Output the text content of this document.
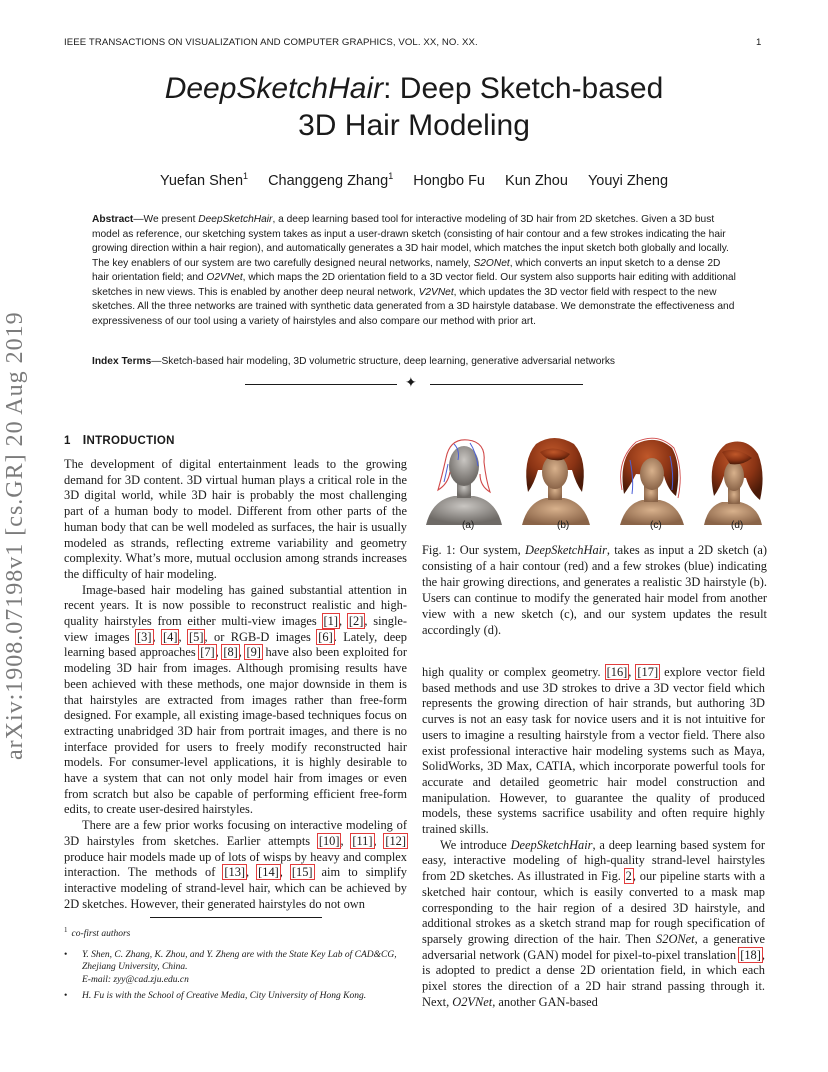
IEEE TRANSACTIONS ON VISUALIZATION AND COMPUTER GRAPHICS, VOL. XX, NO. XX.	1
arXiv:1908.07198v1 [cs.GR] 20 Aug 2019
DeepSketchHair: Deep Sketch-based
3D Hair Modeling
Yuefan Shen$^1$ Changgeng Zhang$^1$ Hongbo Fu Kun Zhou Youyi Zheng
Abstract—We present DeepSketchHair, a deep learning based tool for interactive modeling of 3D hair from 2D sketches. Given a 3D bust model as reference, our sketching system takes as input a user-drawn sketch (consisting of hair contour and a few strokes indicating the hair growing direction within a hair region), and automatically generates a 3D hair model, which matches the input sketch both globally and locally. The key enablers of our system are two carefully designed neural networks, namely, S2ONet, which converts an input sketch to a dense 2D hair orientation field; and O2VNet, which maps the 2D orientation field to a 3D vector field. Our system also supports hair editing with additional sketches in new views. This is enabled by another deep neural network, V2VNet, which updates the 3D vector field with respect to the new sketches. All the three networks are trained with synthetic data generated from a 3D hairstyle database. We demonstrate the effectiveness and expressiveness of our tool using a variety of hairstyles and also compare our method with prior art.
Index Terms—Sketch-based hair modeling, 3D volumetric structure, deep learning, generative adversarial networks
✦
1 INTRODUCTION

The development of digital entertainment leads to the growing demand for 3D content. 3D virtual human plays a critical role in the 3D digital world, while 3D hair is probably the most challenging part of a human body to model. Different from other parts of the human body that can be well modeled as surfaces, the hair is usually modeled as strands, reflecting extreme variability and geometry complexity. What’s more, mutual occlusion among strands increases the difficulty of hair modeling.

Image-based hair modeling has gained substantial attention in recent years. It is now possible to reconstruct realistic and high-quality hairstyles from either multi-view images [1], [2], single-view images [3], [4], [5], or RGB-D images [6]. Lately, deep learning based approaches [7], [8], [9] have also been exploited for modeling 3D hair from images. Although promising results have been achieved with these methods, one major downside in them is that hairstyles are extracted from images rather than free-form designed. For example, all existing image-based techniques focus on extracting unabridged 3D hair from portrait images, and there is no interface provided for users to freely modify reconstructed hair models. For consumer-level applications, it is highly desirable to have a system that can not only model hair from images or even from scratch but also be capable of performing efficient free-form edits, to create user-desired hairstyles.

There are a few prior works focusing on interactive modeling of 3D hairstyles from sketches. Earlier attempts [10], [11], [12] produce hair models made up of lots of wisps by heavy and complex interaction. The methods of [13], [14], [15] aim to simplify interactive modeling of strand-level hair, which can be achieved by 2D sketches. However, their generated hairstyles do not own

$^1$ co-first authors
• Y. Shen, C. Zhang, K. Zhou, and Y. Zheng are with the State Key Lab of CAD&CG, Zhejiang University, China.
E-mail: zyy@cad.zju.edu.cn
• H. Fu is with the School of Creative Media, City University of Hong Kong.
(a)	(b)	(c)	(d)
Fig. 1: Our system, DeepSketchHair, takes as input a 2D sketch (a) consisting of a hair contour (red) and a few strokes (blue) indicating the hair growing directions, and generates a realistic 3D hairstyle (b). Users can continue to modify the generated hair model from another view with a new sketch (c), and our system updates the result accordingly (d).

high quality or complex geometry. [16], [17] explore vector field based methods and use 3D strokes to drive a 3D vector field which represents the growing direction of hair strands, but authoring 3D curves is not an easy task for novice users and it is not intuitive for users to imagine a resulting hairstyle from a vector field. There also exist professional interactive hair modeling systems such as Maya, SolidWorks, 3D Max, CATIA, which incorporate powerful tools for accurate and detailed geometric hair model construction and manipulation. However, to guarantee the quality of produced models, these systems sacrifice usability and often require highly trained skills.

We introduce DeepSketchHair, a deep learning based system for easy, interactive modeling of high-quality strand-level hairstyles from 2D sketches. As illustrated in Fig. 2, our pipeline starts with a sketched hair contour, which is easily converted to a mask map corresponding to the hair region of a desired 3D hairstyle, and additional strokes as a sketch strand map for rough specification of sparsely growing direction of the hair. Then S2ONet, a generative adversarial network (GAN) model for pixel-to-pixel translation [18], is adopted to predict a dense 2D orientation field, in which each pixel stores the direction of a 2D hair strand passing through it. Next, O2VNet, another GAN-based
